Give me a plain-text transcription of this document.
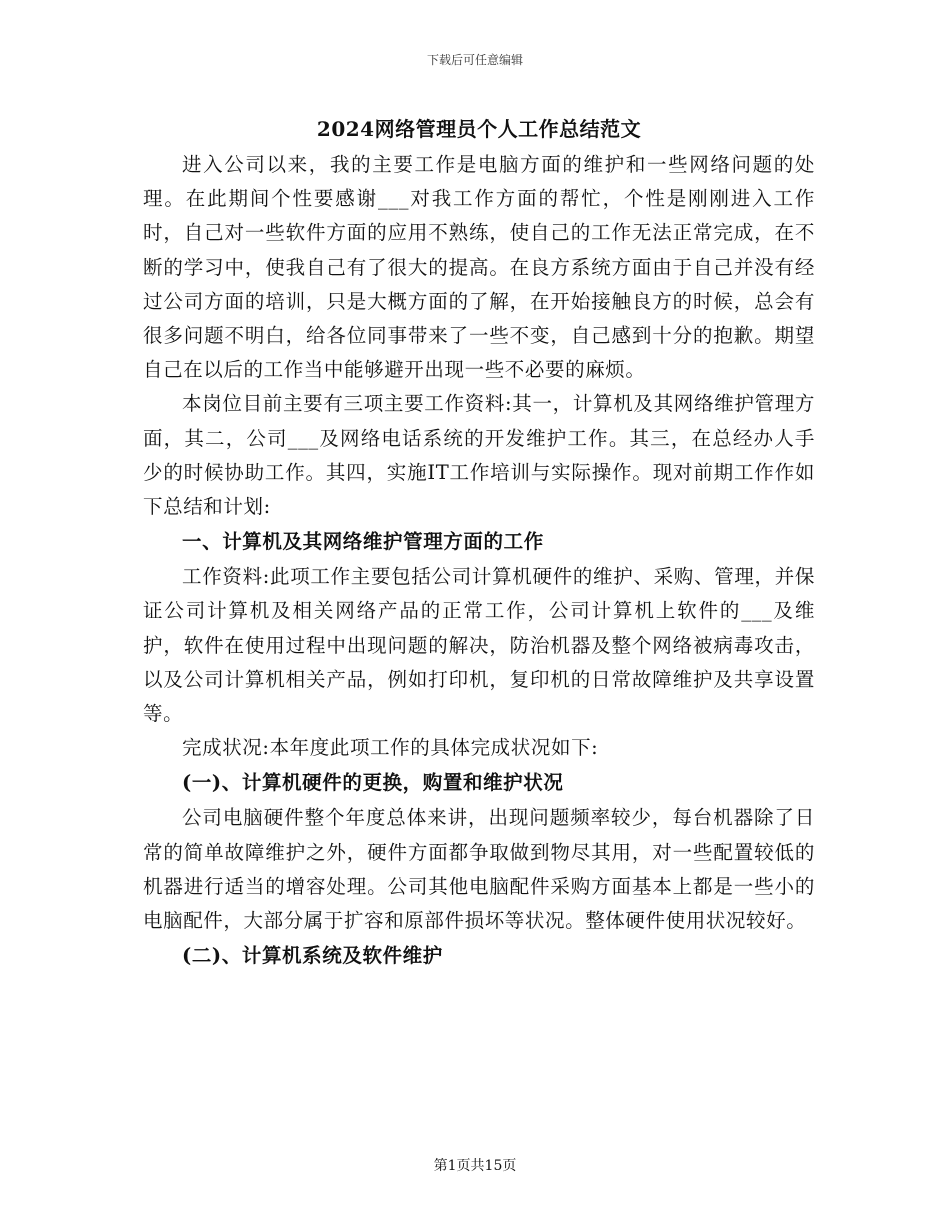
下载后可任意编辑
2024网络管理员个人工作总结范文

进入公司以来，我的主要工作是电脑方面的维护和一些网络问题的处理。在此期间个性要感谢___对我工作方面的帮忙，个性是刚刚进入工作时，自己对一些软件方面的应用不熟练，使自己的工作无法正常完成，在不断的学习中，使我自己有了很大的提高。在良方系统方面由于自己并没有经过公司方面的培训，只是大概方面的了解，在开始接触良方的时候，总会有很多问题不明白，给各位同事带来了一些不变，自己感到十分的抱歉。期望自己在以后的工作当中能够避开出现一些不必要的麻烦。

本岗位目前主要有三项主要工作资料:其一，计算机及其网络维护管理方面，其二，公司___及网络电话系统的开发维护工作。其三，在总经办人手少的时候协助工作。其四，实施IT工作培训与实际操作。现对前期工作作如下总结和计划:

一、计算机及其网络维护管理方面的工作

工作资料:此项工作主要包括公司计算机硬件的维护、采购、管理，并保证公司计算机及相关网络产品的正常工作，公司计算机上软件的___及维护，软件在使用过程中出现问题的解决，防治机器及整个网络被病毒攻击，以及公司计算机相关产品，例如打印机，复印机的日常故障维护及共享设置等。

完成状况:本年度此项工作的具体完成状况如下:

(一)、计算机硬件的更换，购置和维护状况

公司电脑硬件整个年度总体来讲，出现问题频率较少，每台机器除了日常的简单故障维护之外，硬件方面都争取做到物尽其用，对一些配置较低的机器进行适当的增容处理。公司其他电脑配件采购方面基本上都是一些小的电脑配件，大部分属于扩容和原部件损坏等状况。整体硬件使用状况较好。

(二)、计算机系统及软件维护
第1页共15页
